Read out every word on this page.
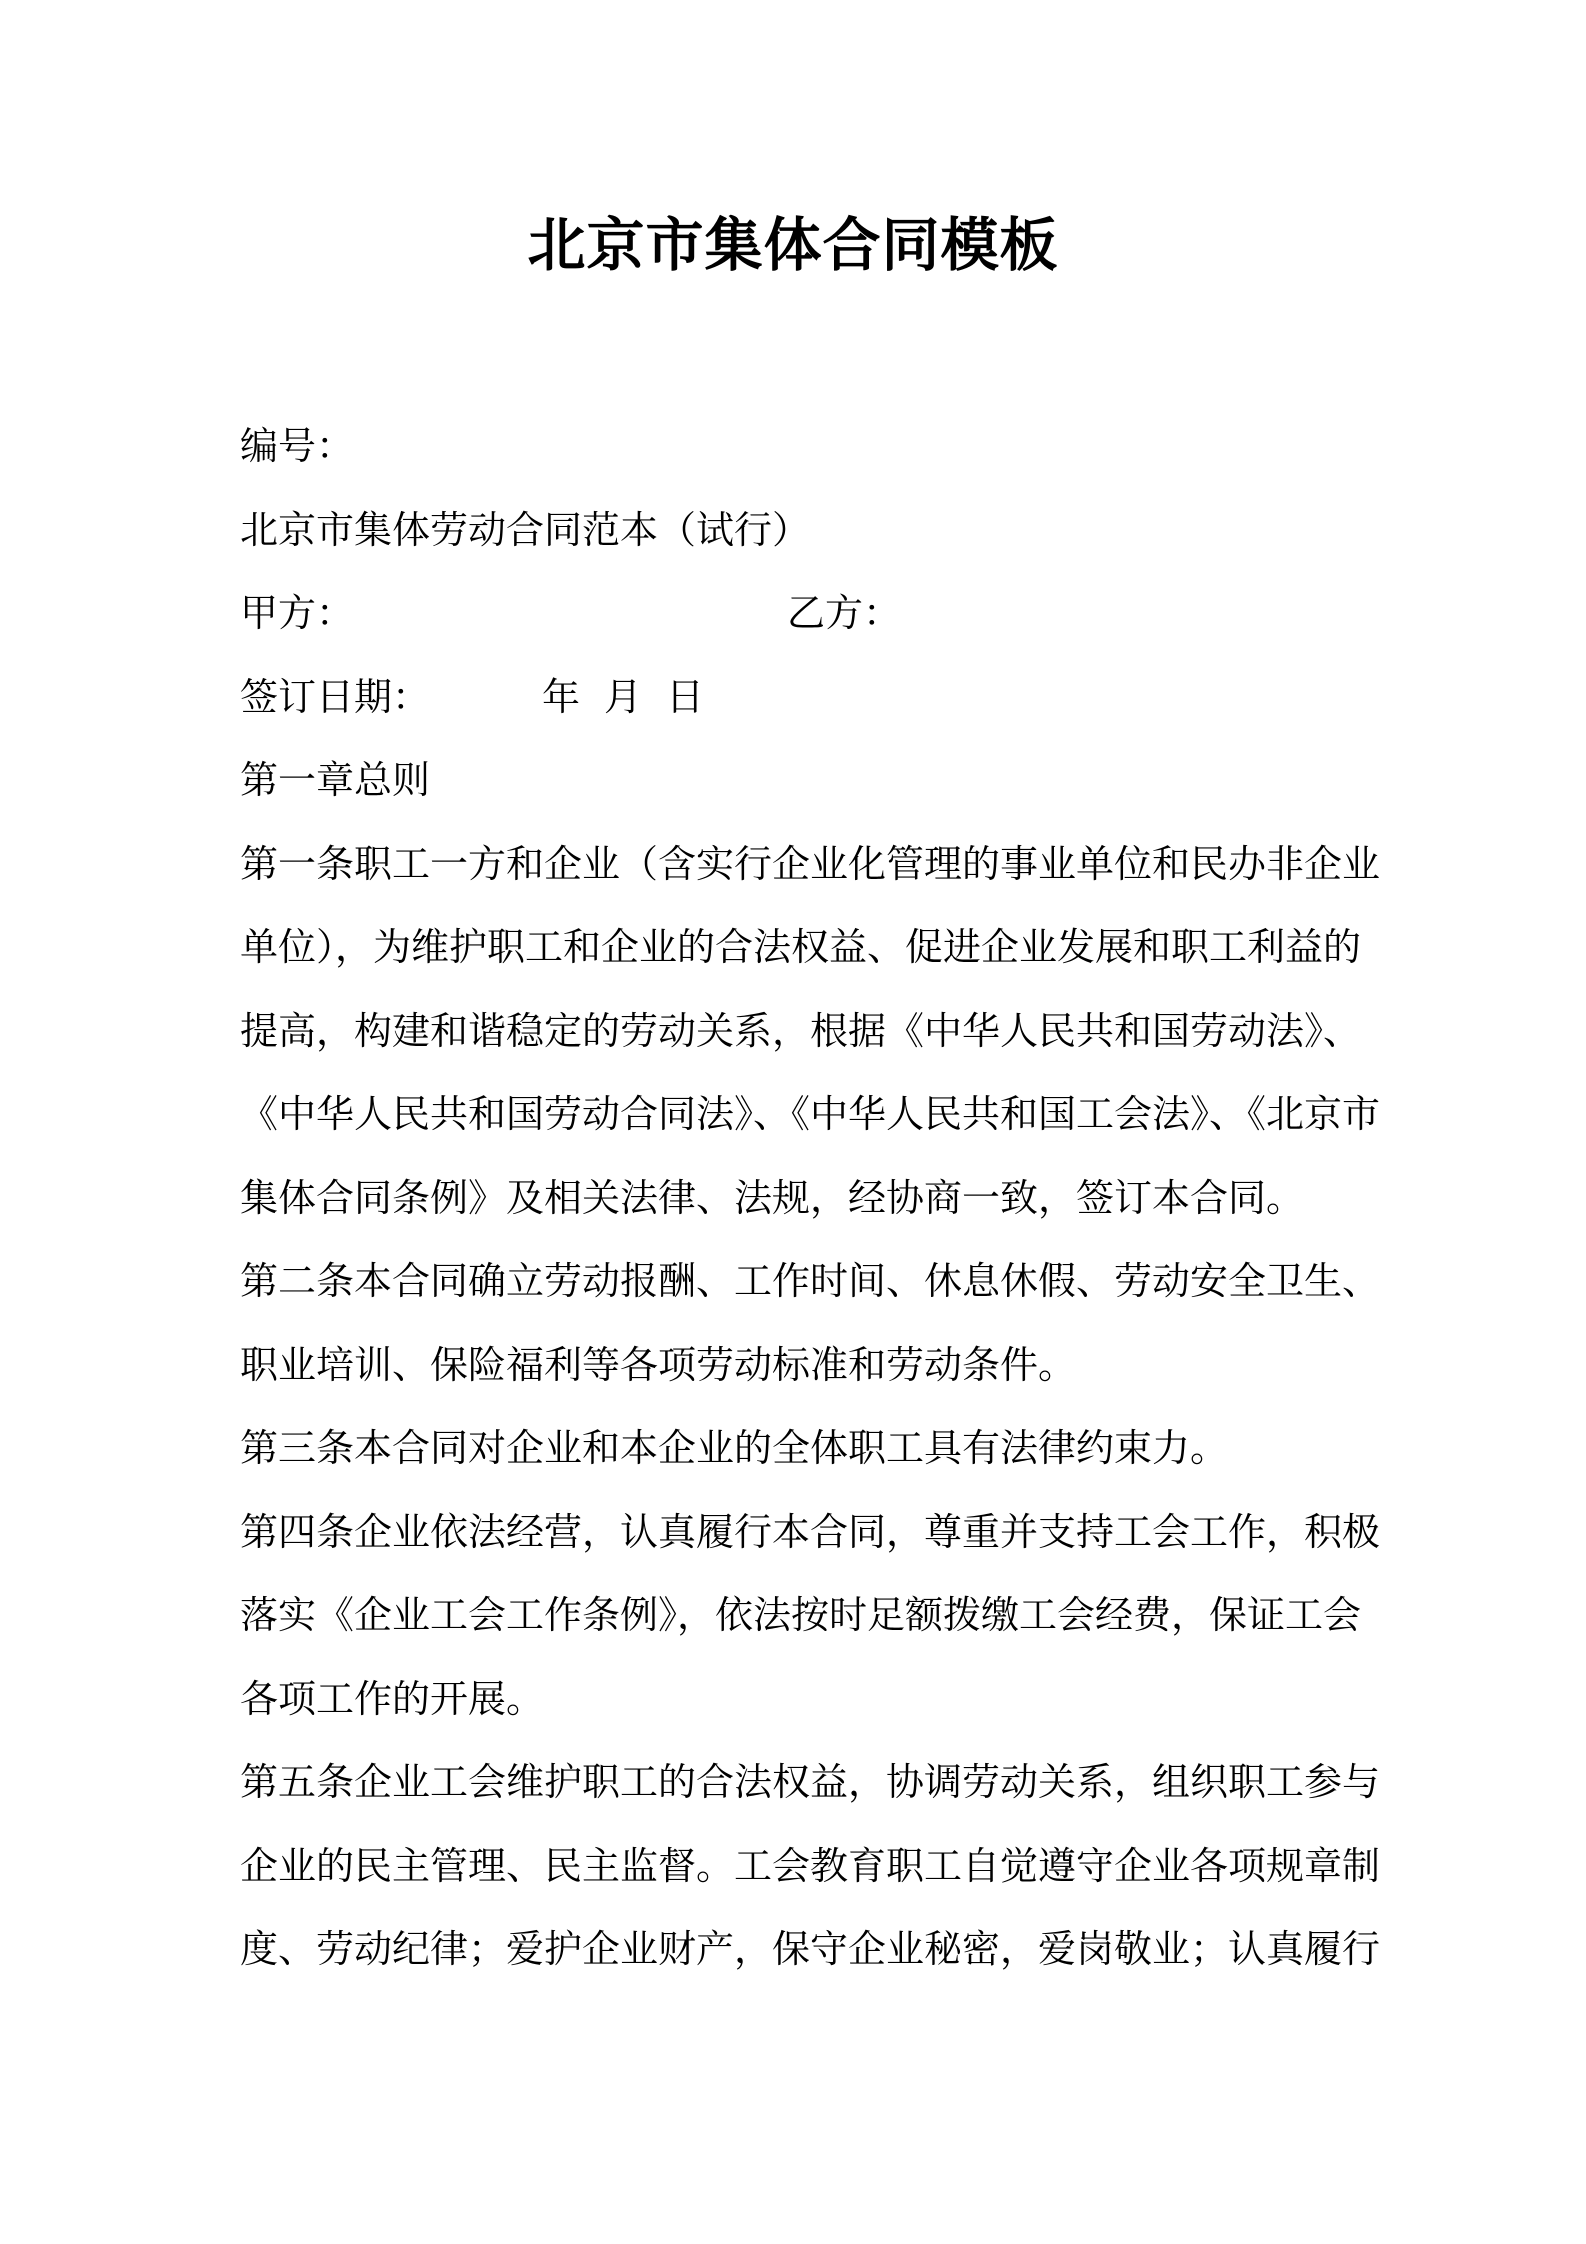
北京市集体合同模板
编号：
北京市集体劳动合同范本（试行）
甲方：	乙方：
签订日期：	年 月 日
第一章总则
第一条职工一方和企业（含实行企业化管理的事业单位和民办非企业
单位），为维护职工和企业的合法权益、促进企业发展和职工利益的
提高，构建和谐稳定的劳动关系，根据《中华人民共和国劳动法》、
《中华人民共和国劳动合同法》、《中华人民共和国工会法》、《北京市
集体合同条例》及相关法律、法规，经协商一致，签订本合同。
第二条本合同确立劳动报酬、工作时间、休息休假、劳动安全卫生、
职业培训、保险福利等各项劳动标准和劳动条件。
第三条本合同对企业和本企业的全体职工具有法律约束力。
第四条企业依法经营，认真履行本合同，尊重并支持工会工作，积极
落实《企业工会工作条例》，依法按时足额拨缴工会经费，保证工会
各项工作的开展。
第五条企业工会维护职工的合法权益，协调劳动关系，组织职工参与
企业的民主管理、民主监督。工会教育职工自觉遵守企业各项规章制
度、劳动纪律；爱护企业财产，保守企业秘密，爱岗敬业；认真履行
